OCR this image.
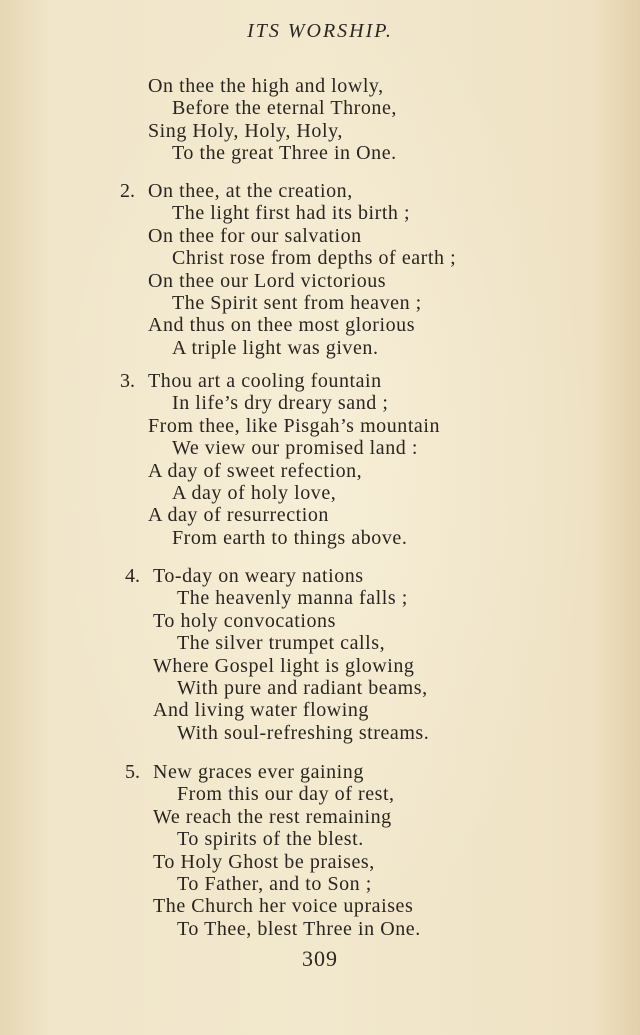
ITS WORSHIP.
On thee the high and lowly,
Before the eternal Throne,
Sing Holy, Holy, Holy,
To the great Three in One.
2. On thee, at the creation,
The light first had its birth ;
On thee for our salvation
Christ rose from depths of earth ;
On thee our Lord victorious
The Spirit sent from heaven ;
And thus on thee most glorious
A triple light was given.
3. Thou art a cooling fountain
In life’s dry dreary sand ;
From thee, like Pisgah’s mountain
We view our promised land :
A day of sweet refection,
A day of holy love,
A day of resurrection
From earth to things above.
4. To-day on weary nations
The heavenly manna falls ;
To holy convocations
The silver trumpet calls,
Where Gospel light is glowing
With pure and radiant beams,
And living water flowing
With soul-refreshing streams.
5. New graces ever gaining
From this our day of rest,
We reach the rest remaining
To spirits of the blest.
To Holy Ghost be praises,
To Father, and to Son ;
The Church her voice upraises
To Thee, blest Three in One.
309
